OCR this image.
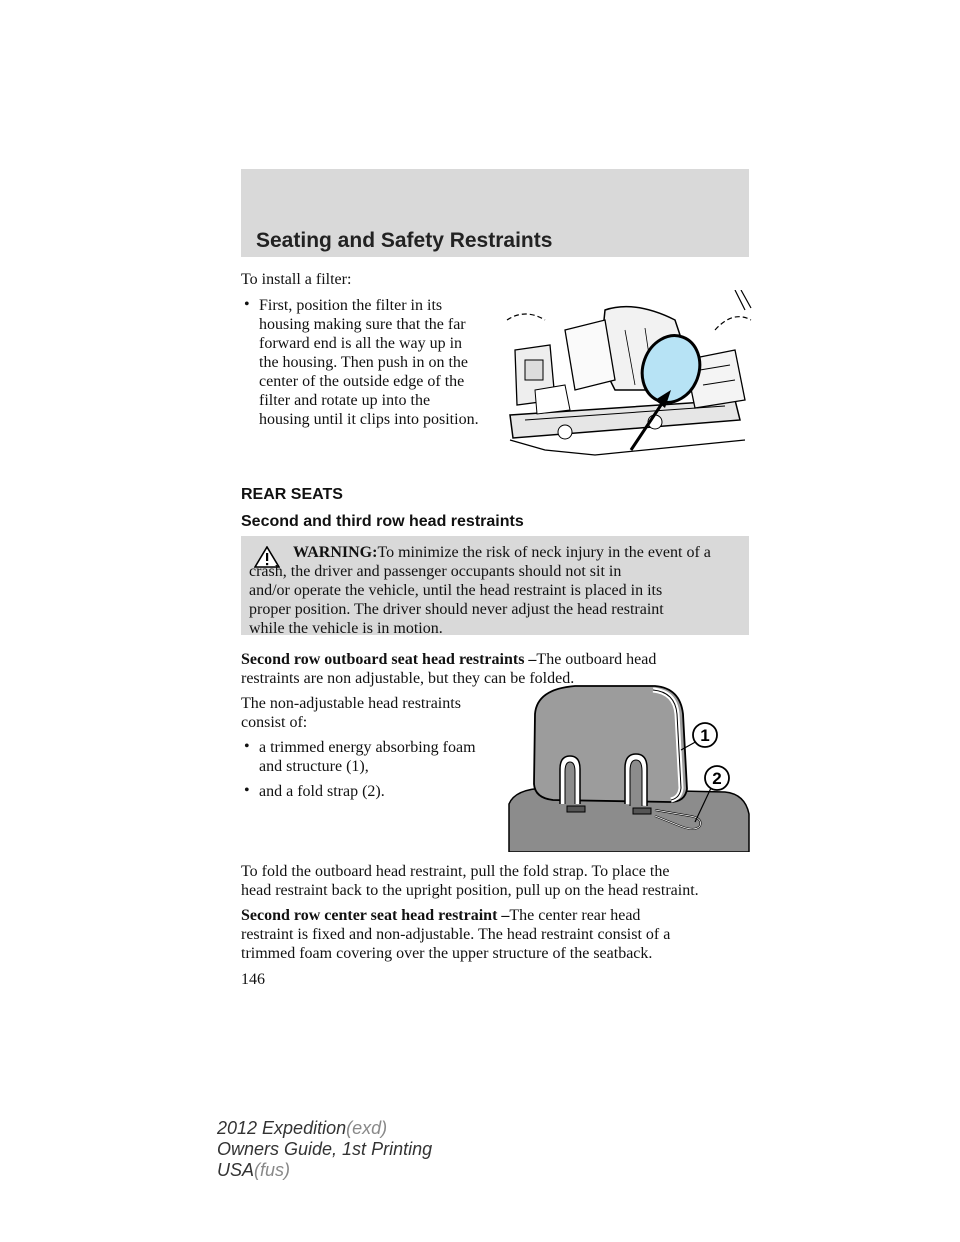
Seating and Safety Restraints
To install a filter:
• First, position the filter in its
housing making sure that the far
forward end is all the way up in
the housing. Then push in on the
center of the outside edge of the
filter and rotate up into the
housing until it clips into position.
REAR SEATS
Second and third row head restraints
WARNING:To minimize the risk of neck injury in the event of a
crash, the driver and passenger occupants should not sit in
and/or operate the vehicle, until the head restraint is placed in its
proper position. The driver should never adjust the head restraint
while the vehicle is in motion.
Second row outboard seat head restraints –The outboard head
restraints are non adjustable, but they can be folded.
The non-adjustable head restraints
consist of:
• a trimmed energy absorbing foam
and structure (1),
• and a fold strap (2).
1
2
To fold the outboard head restraint, pull the fold strap. To place the
head restraint back to the upright position, pull up on the head restraint.
Second row center seat head restraint –The center rear head
restraint is fixed and non-adjustable. The head restraint consist of a
trimmed foam covering over the upper structure of the seatback.
146
2012 Expedition(exd)
Owners Guide, 1st Printing
USA(fus)
